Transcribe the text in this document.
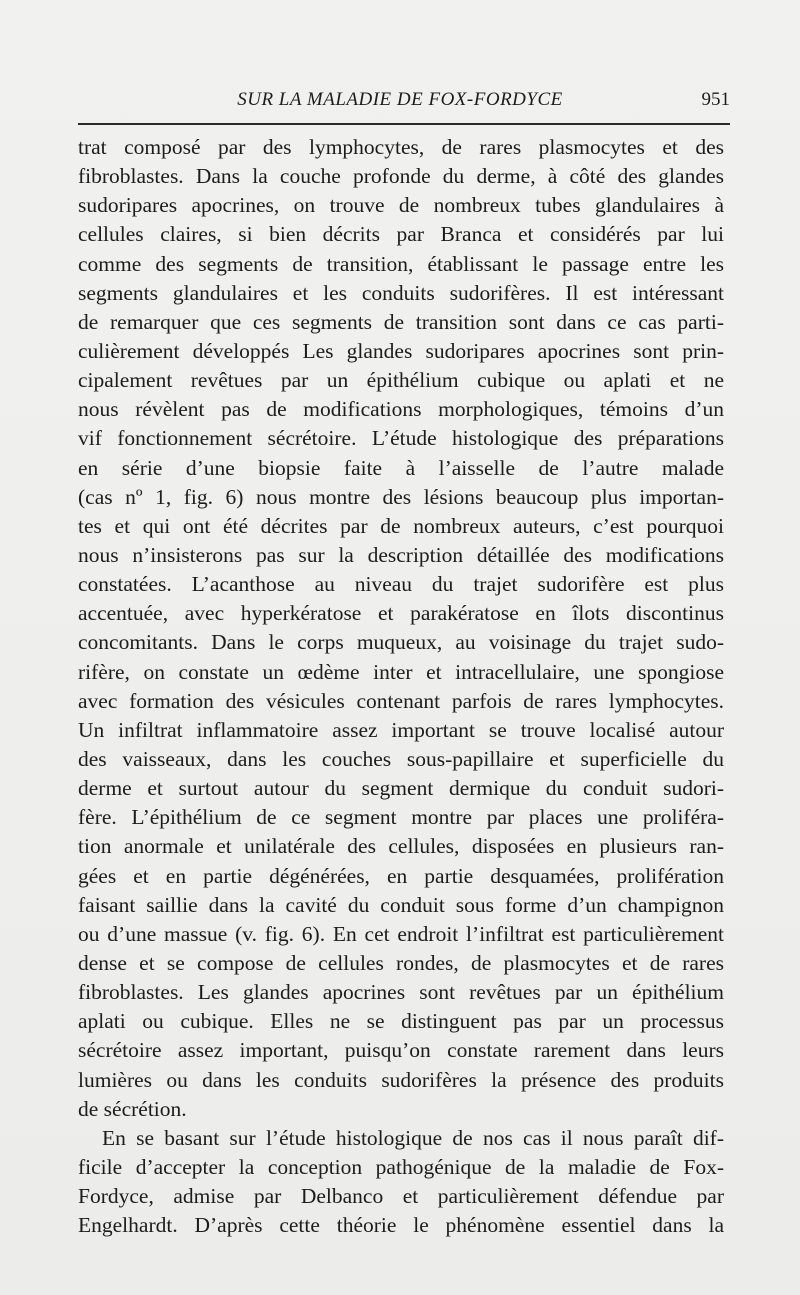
SUR LA MALADIE DE FOX-FORDYCE	951
trat composé par des lymphocytes, de rares plasmocytes et des
fibroblastes. Dans la couche profonde du derme, à côté des glandes
sudoripares apocrines, on trouve de nombreux tubes glandulaires à
cellules claires, si bien décrits par Branca et considérés par lui
comme des segments de transition, établissant le passage entre les
segments glandulaires et les conduits sudorifères. Il est intéressant
de remarquer que ces segments de transition sont dans ce cas parti-
culièrement développés Les glandes sudoripares apocrines sont prin-
cipalement revêtues par un épithélium cubique ou aplati et ne
nous révèlent pas de modifications morphologiques, témoins d’un
vif fonctionnement sécrétoire. L’étude histologique des préparations
en série d’une biopsie faite à l’aisselle de l’autre malade
(cas nº 1, fig. 6) nous montre des lésions beaucoup plus importan-
tes et qui ont été décrites par de nombreux auteurs, c’est pourquoi
nous n’insisterons pas sur la description détaillée des modifications
constatées. L’acanthose au niveau du trajet sudorifère est plus
accentuée, avec hyperkératose et parakératose en îlots discontinus
concomitants. Dans le corps muqueux, au voisinage du trajet sudo-
rifère, on constate un œdème inter et intracellulaire, une spongiose
avec formation des vésicules contenant parfois de rares lymphocytes.
Un infiltrat inflammatoire assez important se trouve localisé autour
des vaisseaux, dans les couches sous-papillaire et superficielle du
derme et surtout autour du segment dermique du conduit sudori-
fère. L’épithélium de ce segment montre par places une proliféra-
tion anormale et unilatérale des cellules, disposées en plusieurs ran-
gées et en partie dégénérées, en partie desquamées, prolifération
faisant saillie dans la cavité du conduit sous forme d’un champignon
ou d’une massue (v. fig. 6). En cet endroit l’infiltrat est particulièrement
dense et se compose de cellules rondes, de plasmocytes et de rares
fibroblastes. Les glandes apocrines sont revêtues par un épithélium
aplati ou cubique. Elles ne se distinguent pas par un processus
sécrétoire assez important, puisqu’on constate rarement dans leurs
lumières ou dans les conduits sudorifères la présence des produits
de sécrétion.
En se basant sur l’étude histologique de nos cas il nous paraît dif-
ficile d’accepter la conception pathogénique de la maladie de Fox-
Fordyce, admise par Delbanco et particulièrement défendue par
Engelhardt. D’après cette théorie le phénomène essentiel dans la
